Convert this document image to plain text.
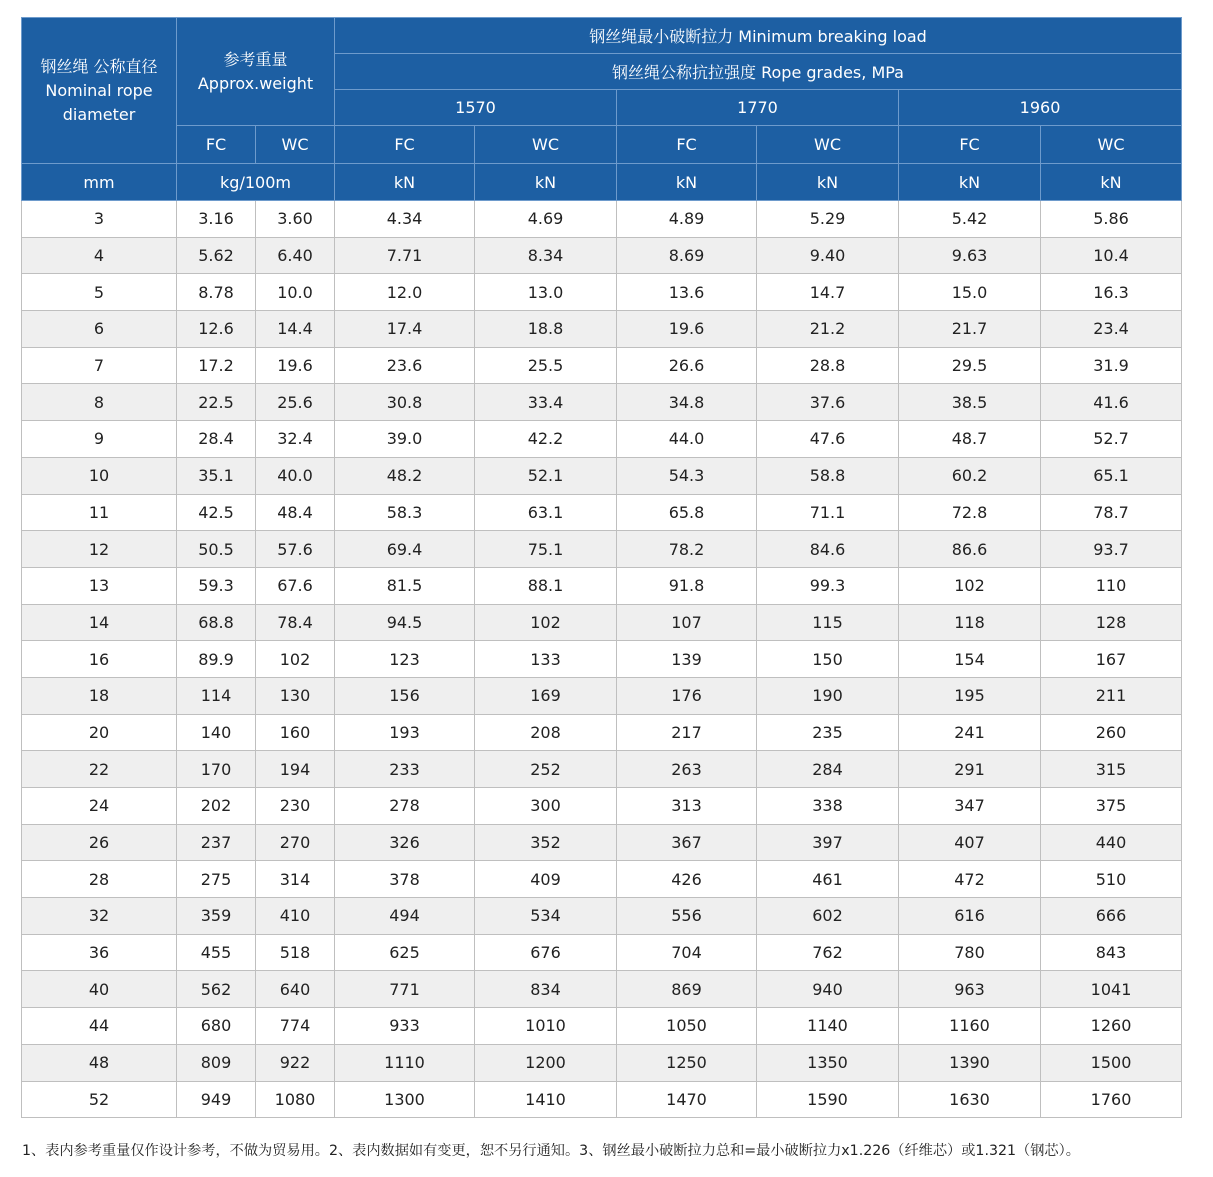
钢丝绳 公称直径 Nominal rope diameter	参考重量 Approx.weight		钢丝绳最小破断拉力 Minimum breaking load					
			钢丝绳公称抗拉强度 Rope grades, MPa					
			1570		1770		1960	
	FC	WC	FC	WC	FC	WC	FC	WC
mm	kg/100m		kN	kN	kN	kN	kN	kN
3	3.16	3.60	4.34	4.69	4.89	5.29	5.42	5.86
4	5.62	6.40	7.71	8.34	8.69	9.40	9.63	10.4
5	8.78	10.0	12.0	13.0	13.6	14.7	15.0	16.3
6	12.6	14.4	17.4	18.8	19.6	21.2	21.7	23.4
7	17.2	19.6	23.6	25.5	26.6	28.8	29.5	31.9
8	22.5	25.6	30.8	33.4	34.8	37.6	38.5	41.6
9	28.4	32.4	39.0	42.2	44.0	47.6	48.7	52.7
10	35.1	40.0	48.2	52.1	54.3	58.8	60.2	65.1
11	42.5	48.4	58.3	63.1	65.8	71.1	72.8	78.7
12	50.5	57.6	69.4	75.1	78.2	84.6	86.6	93.7
13	59.3	67.6	81.5	88.1	91.8	99.3	102	110
14	68.8	78.4	94.5	102	107	115	118	128
16	89.9	102	123	133	139	150	154	167
18	114	130	156	169	176	190	195	211
20	140	160	193	208	217	235	241	260
22	170	194	233	252	263	284	291	315
24	202	230	278	300	313	338	347	375
26	237	270	326	352	367	397	407	440
28	275	314	378	409	426	461	472	510
32	359	410	494	534	556	602	616	666
36	455	518	625	676	704	762	780	843
40	562	640	771	834	869	940	963	1041
44	680	774	933	1010	1050	1140	1160	1260
48	809	922	1110	1200	1250	1350	1390	1500
52	949	1080	1300	1410	1470	1590	1630	1760
1、表内参考重量仅作设计参考，不做为贸易用。2、表内数据如有变更，恕不另行通知。3、钢丝最小破断拉力总和=最小破断拉力x1.226（纤维芯）或1.321（钢芯）。
